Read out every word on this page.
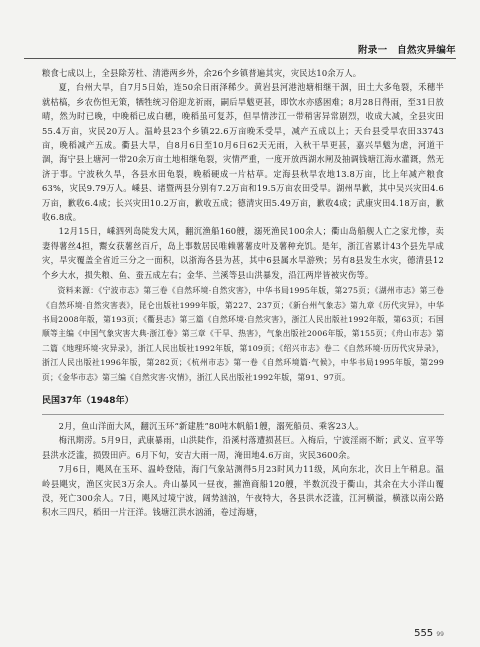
附录一　自然灾异编年

粮食七成以上，全县除芳杜、清港两乡外，余26个乡镇普遍其灾，灾民达10余万人。

夏，台州大旱，自7月5日始，连50余日雨泽稀少。黄岩县河港池塘相继干涸，田土大多龟裂，禾穗半就枯槁，乡农伤怛无策，牺牲统习俗迎龙祈雨，嗣后旱魃更甚，即饮水亦感困难；8月28日得雨，至31日放晴，然为时已晚，中晚稻已成白穗，晚稻虽可复苏，但旱情涉江一带稍害异常剧烈，收成大减，全县灾田55.4万亩，灾民20万人。温岭县23个乡镇22.6万亩晚禾受旱，减产五成以上；天台县受旱农田33743亩，晚稻减产五成。衢县大旱，自8月6日至10月6日62天无雨，入秋干旱更甚，嘉兴旱魃为虐，河道干涸，海宁县上塘河一带20余万亩土地相继龟裂，灾情严重，一度开放西湖水闸及抽调钱塘江海水灌溉，然无济于事。宁波秋久旱，各县水田龟裂，晚稻硬成一片枯草。定海县秋旱农地13.8万亩，比上年减产粮食63%，灾民9.79万人。嵊县、诸暨两县分别有7.2万亩和19.5万亩农田受旱。湖州旱歉，其中吴兴灾田4.6万亩，歉收6.4成；长兴灾田10.2万亩，歉收五成；德清灾田5.49万亩，歉收4成；武康灾田4.18万亩，歉收6.8成。

12月15日，嵊泗列岛陡发大风，翻沉渔船160艘，溺死渔民100余人；衢山岛船舰人亡之家尤惨，卖妻得薯丝4担，鬻女获薯丝百斤，岛上事数居民唯赖薯薯皮叶及薯种充饥。是年，浙江省累计43个县先旱成灾，旱灾覆盖全省近三分之一面积，以浙海各县为甚，其中6县属水旱游殃；另有8县发生水灾，德清县12个乡大水，损失粮、鱼、蚕五成左右；金华、兰溪等县山洪暴发，沿江两岸皆被灾伤等。

资料来源：《宁波市志》第三卷《自然环境·自然灾害》，中华书局1995年版，第275页；《湖州市志》第三卷《自然环境·自然灾害表》，昆仑出版社1999年版，第227、237页；《新台州气象志》第九章《历代灾异》，中华书局2008年版，第193页；《衢县志》第三篇《自然环境·自然灾害》，浙江人民出版社1992年版，第63页；石国顺等主编《中国气象灾害大典·浙江卷》第三章《干旱、热害》，气象出版社2006年版，第155页；《舟山市志》第二篇《地理环境·灾异录》，浙江人民出版社1992年版，第109页；《绍兴市志》卷二《自然环境·历历代灾异录》，浙江人民出版社1996年版，第282页；《杭州市志》第一卷《自然环境篇·气候》，中华书局1995年版，第299页；《金华市志》第三编《自然灾害·灾情》，浙江人民出版社1992年版，第91、97页。

民国37年（1948年）

2月，鱼山洋面大风，翻沉玉环“新建胜”80吨木帆船1艘，溺死船员、乘客23人。

梅汛期涝。5月9日，武康暴雨，山洪陡作，沿溪村落遭损甚巨。入梅后，宁波淫雨不断；武义、宣平等县洪水泛滥，损毁田庐。6月下旬，安吉大雨一周，淹田地4.6万亩，灾民3600余。

7月6日，飓风在玉环、温岭登陆，海门气象站测得5月23时风力11级，风向东北，次日上午稍息。温岭县飓灾，渔区灾民3万余人。舟山暴风一昼夜，摧渔商船120艘，半数沉没于衢山，其余在大小洋山覆没，死亡300余人。7日，飓风过境宁波，阔势汹汹，午夜特大，各县洪水泛滥，江河横溢，横涨以南公路积水三四尺，稻田一片汪洋。钱塘江洪水汹涌，卷过海塘，

555 99
